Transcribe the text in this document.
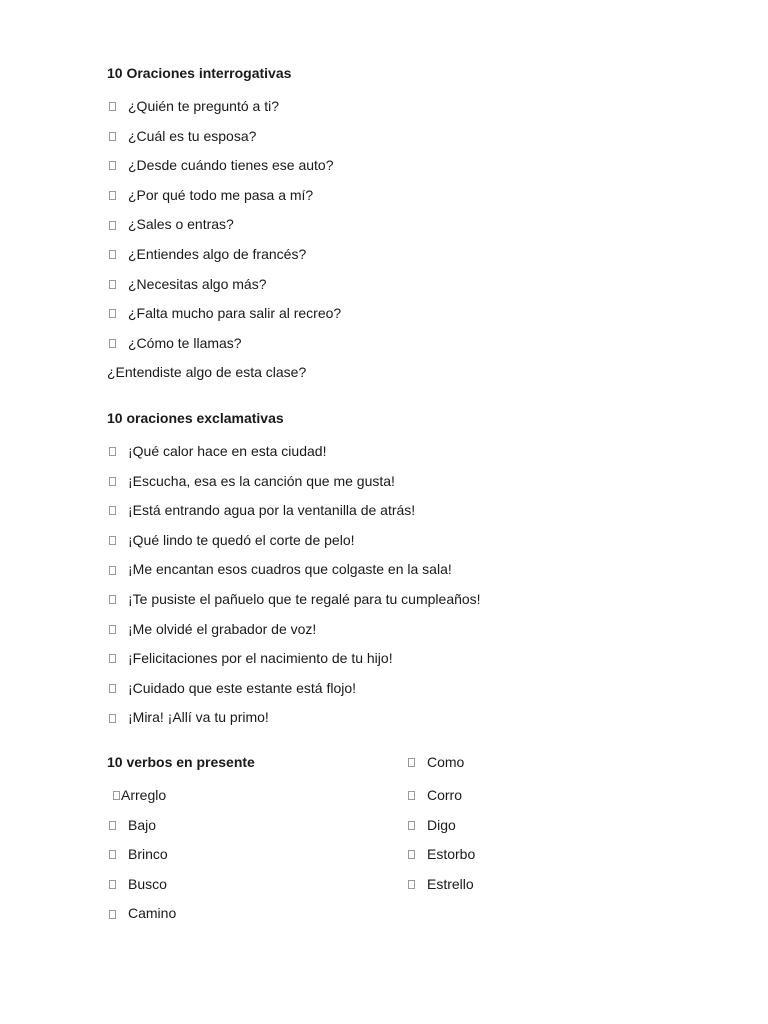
10 Oraciones interrogativas
¿Quién te preguntó a ti?
¿Cuál es tu esposa?
¿Desde cuándo tienes ese auto?
¿Por qué todo me pasa a mí?
¿Sales o entras?
¿Entiendes algo de francés?
¿Necesitas algo más?
¿Falta mucho para salir al recreo?
¿Cómo te llamas?
¿Entendiste algo de esta clase?
10 oraciones exclamativas
¡Qué calor hace en esta ciudad!
¡Escucha, esa es la canción que me gusta!
¡Está entrando agua por la ventanilla de atrás!
¡Qué lindo te quedó el corte de pelo!
¡Me encantan esos cuadros que colgaste en la sala!
¡Te pusiste el pañuelo que te regalé para tu cumpleaños!
¡Me olvidé el grabador de voz!
¡Felicitaciones por el nacimiento de tu hijo!
¡Cuidado que este estante está flojo!
¡Mira! ¡Allí va tu primo!
10 verbos en presente
Arreglo
Bajo
Brinco
Busco
Camino
Como
Corro
Digo
Estorbo
Estrello
